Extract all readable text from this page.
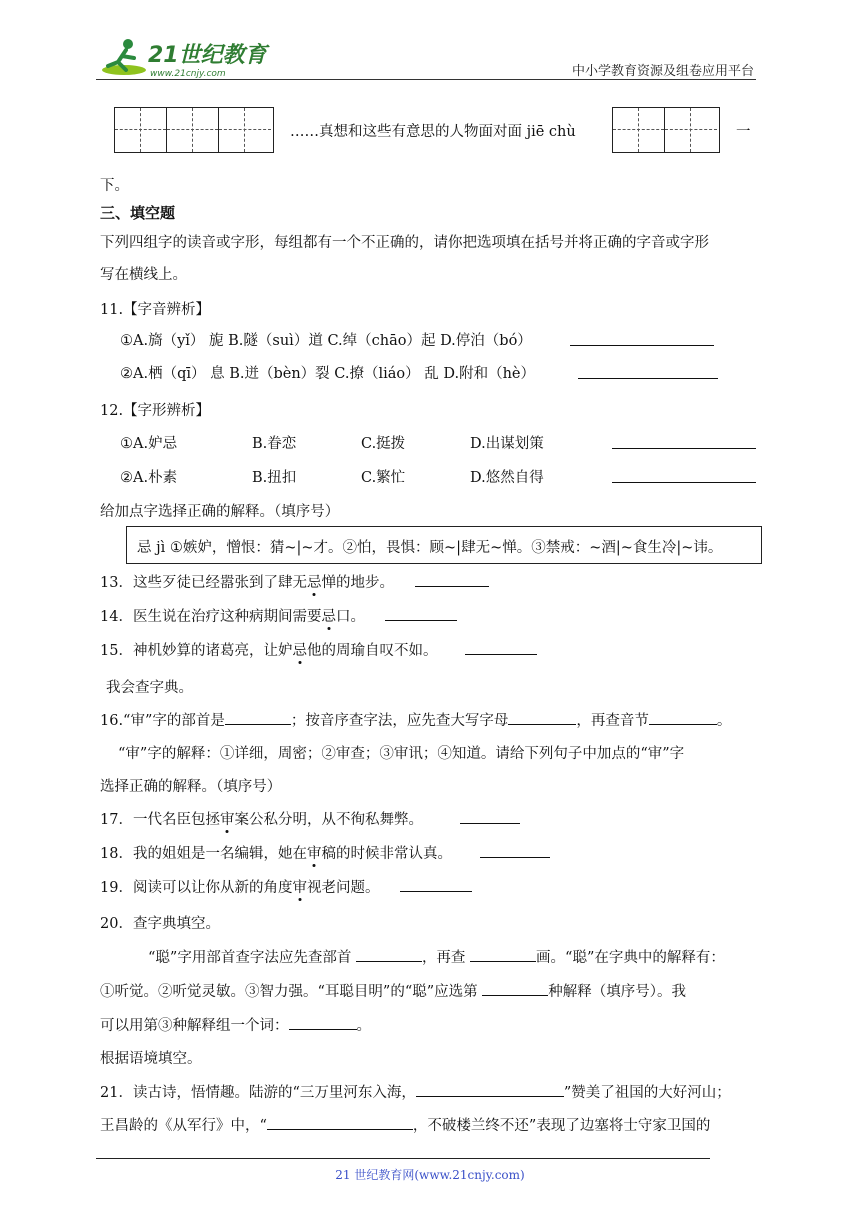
21世纪教育
www.21cnjy.com	中小学教育资源及组卷应用平台
……真想和这些有意思的人物面对面 jiē chù	一
下。
三、填空题
下列四组字的读音或字形，每组都有一个不正确的，请你把选项填在括号并将正确的字音或字形
写在横线上。
11.【字音辨析】
①A.旖（yǐ） 旎 B.隧（suì）道 C.绰（chāo）起 D.停泊（bó）
②A.栖（qī） 息 B.迸（bèn）裂 C.撩（liáo） 乱 D.附和（hè）
12.【字形辨析】
①A.妒忌	B.眷恋	C.挺拨	D.出谋划策
②A.朴素	B.扭扣	C.繁忙	D.悠然自得
给加点字选择正确的解释。（填序号）
忌 jì ①嫉妒，憎恨：猜~|~才。②怕，畏惧：顾~|肆无~惮。③禁戒：~酒|~食生冷|~讳。
13．这些歹徒已经嚣张到了肆无忌惮的地步。
14．医生说在治疗这种病期间需要忌口。
15．神机妙算的诸葛亮，让妒忌他的周瑜自叹不如。
我会查字典。
16.“审”字的部首是	；按音序查字法，应先查大写字母	，再查音节	。
“审”字的解释：①详细，周密；②审查；③审讯；④知道。请给下列句子中加点的“审”字
选择正确的解释。（填序号）
17．一代名臣包拯审案公私分明，从不徇私舞弊。
18．我的姐姐是一名编辑，她在审稿的时候非常认真。
19．阅读可以让你从新的角度审视老问题。
20．查字典填空。
“聪”字用部首查字法应先查部首	，再查	画。“聪”在字典中的解释有：
①听觉。②听觉灵敏。③智力强。“耳聪目明”的“聪”应选第	种解释（填序号）。我
可以用第③种解释组一个词：	。
根据语境填空。
21．读古诗，悟情趣。陆游的“三万里河东入海，	”赞美了祖国的大好河山；
王昌龄的《从军行》中，“	，不破楼兰终不还”表现了边塞将士守家卫国的
21 世纪教育网(www.21cnjy.com)
